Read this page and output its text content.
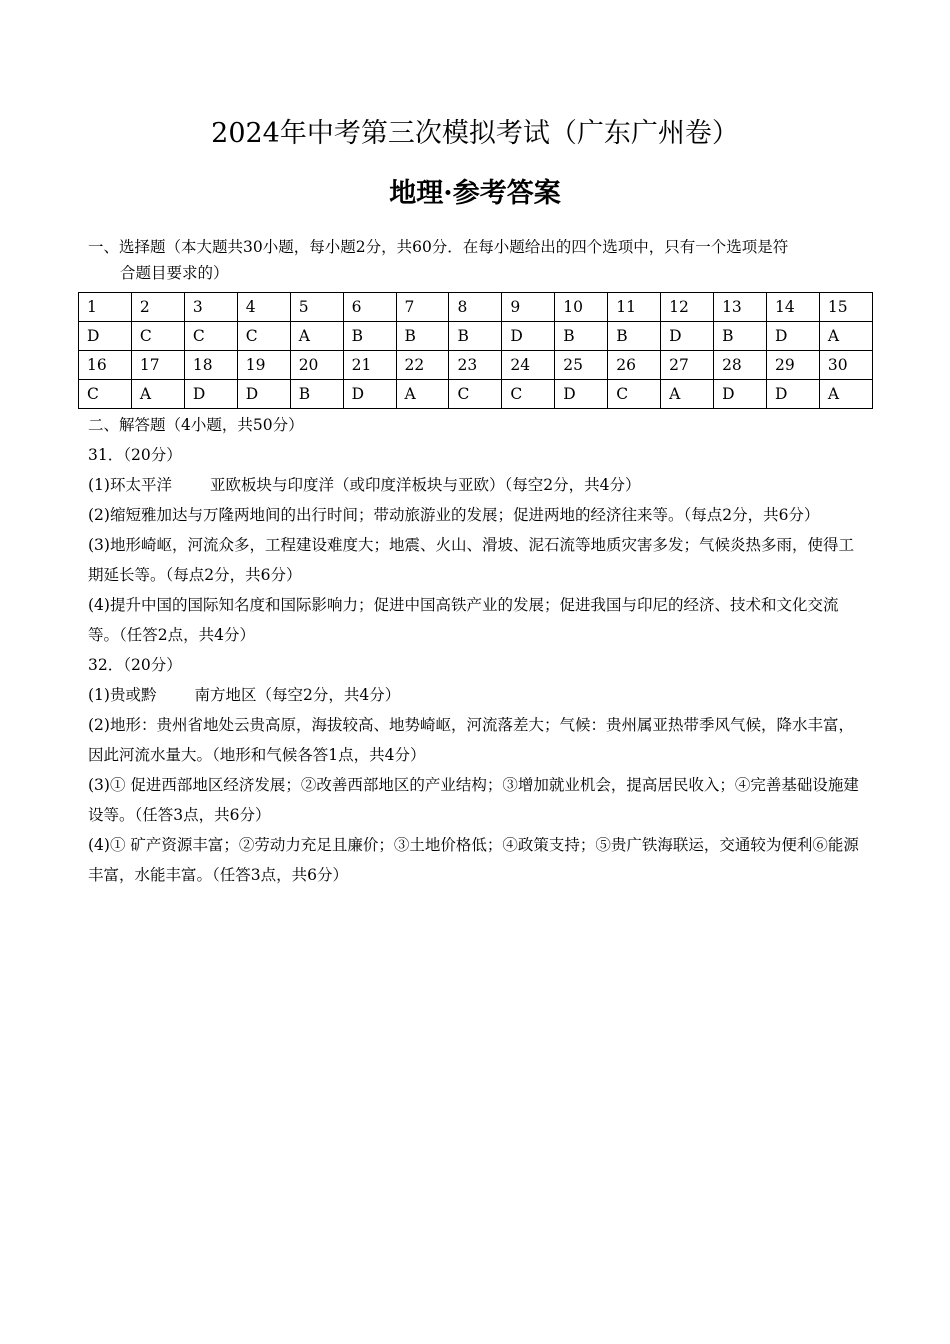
2024年中考第三次模拟考试（广东广州卷）
地理·参考答案
一、选择题（本大题共30小题，每小题2分，共60分．在每小题给出的四个选项中，只有一个选项是符
合题目要求的）
1	2	3	4	5	6	7	8	9	10	11	12	13	14	15
D	C	C	C	A	B	B	B	D	B	B	D	B	D	A
16	17	18	19	20	21	22	23	24	25	26	27	28	29	30
C	A	D	D	B	D	A	C	C	D	C	A	D	D	A

二、解答题（4小题，共50分）

31．（20分）

(1)环太平洋 亚欧板块与印度洋（或印度洋板块与亚欧）（每空2分，共4分）

(2)缩短雅加达与万隆两地间的出行时间；带动旅游业的发展；促进两地的经济往来等。（每点2分，共6分）

(3)地形崎岖，河流众多，工程建设难度大；地震、火山、滑坡、泥石流等地质灾害多发；气候炎热多雨，使得工期延长等。（每点2分，共6分）

(4)提升中国的国际知名度和国际影响力；促进中国高铁产业的发展；促进我国与印尼的经济、技术和文化交流等。（任答2点，共4分）

32．（20分）

(1)贵或黔 南方地区（每空2分，共4分）

(2)地形：贵州省地处云贵高原，海拔较高、地势崎岖，河流落差大；气候：贵州属亚热带季风气候，降水丰富，因此河流水量大。（地形和气候各答1点，共4分）

(3)① 促进西部地区经济发展；②改善西部地区的产业结构；③增加就业机会，提高居民收入；④完善基础设施建设等。（任答3点，共6分）

(4)① 矿产资源丰富；②劳动力充足且廉价；③土地价格低；④政策支持；⑤贵广铁海联运，交通较为便利⑥能源丰富，水能丰富。（任答3点，共6分）
